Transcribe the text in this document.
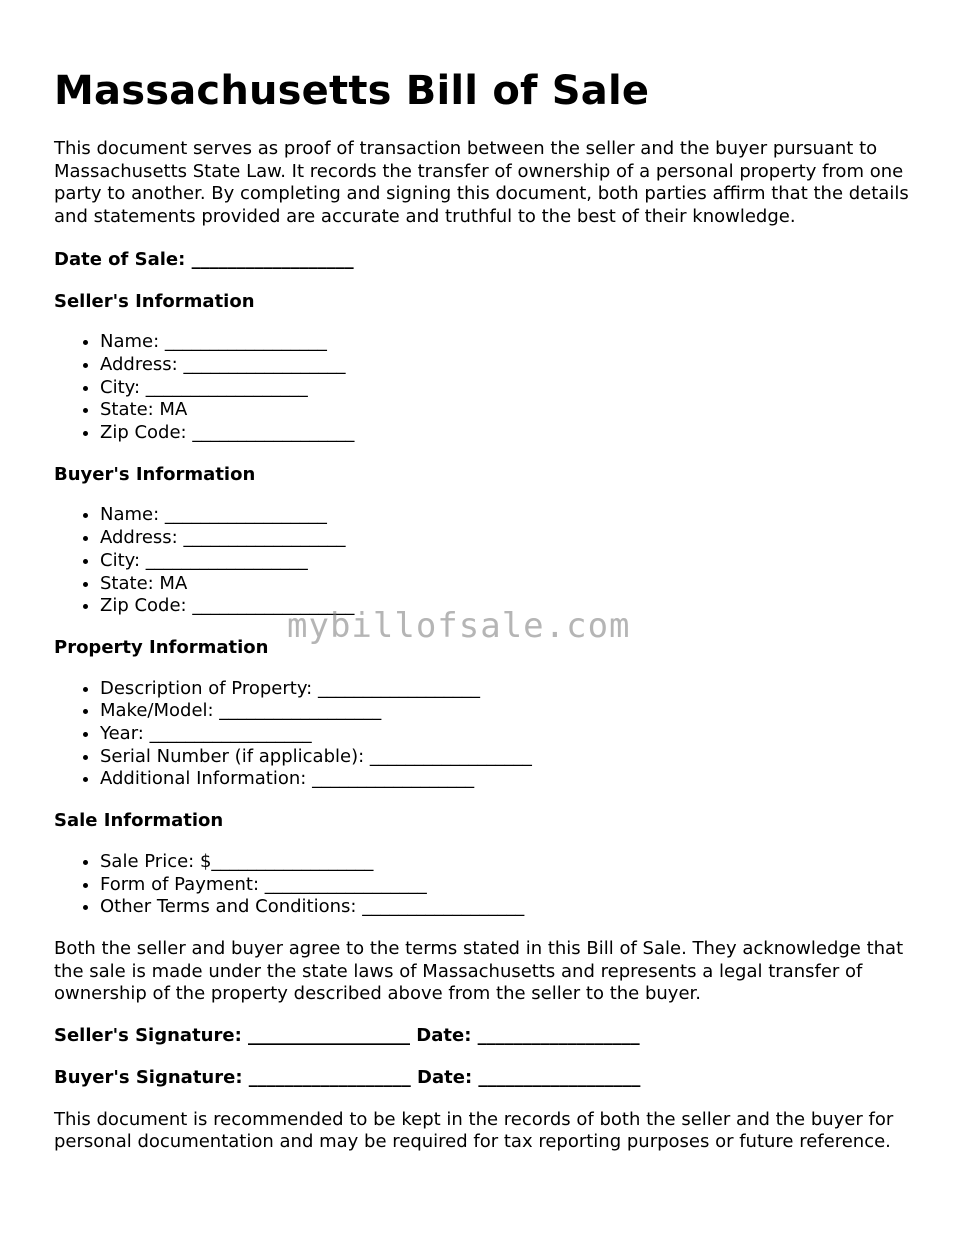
Massachusetts Bill of Sale

This document serves as proof of transaction between the seller and the buyer pursuant to Massachusetts State Law. It records the transfer of ownership of a personal property from one party to another. By completing and signing this document, both parties affirm that the details and statements provided are accurate and truthful to the best of their knowledge.

Date of Sale: __________________

Seller's Information

• Name: __________________
• Address: __________________
• City: __________________
• State: MA
• Zip Code: __________________

Buyer's Information

• Name: __________________
• Address: __________________
• City: __________________
• State: MA
• Zip Code: __________________

Property Information

• Description of Property: __________________
• Make/Model: __________________
• Year: __________________
• Serial Number (if applicable): __________________
• Additional Information: __________________

Sale Information

• Sale Price: $__________________
• Form of Payment: __________________
• Other Terms and Conditions: __________________

Both the seller and buyer agree to the terms stated in this Bill of Sale. They acknowledge that the sale is made under the state laws of Massachusetts and represents a legal transfer of ownership of the property described above from the seller to the buyer.

Seller's Signature: __________________ Date: __________________

Buyer's Signature: __________________ Date: __________________

This document is recommended to be kept in the records of both the seller and the buyer for personal documentation and may be required for tax reporting purposes or future reference.

mybillofsale.com
